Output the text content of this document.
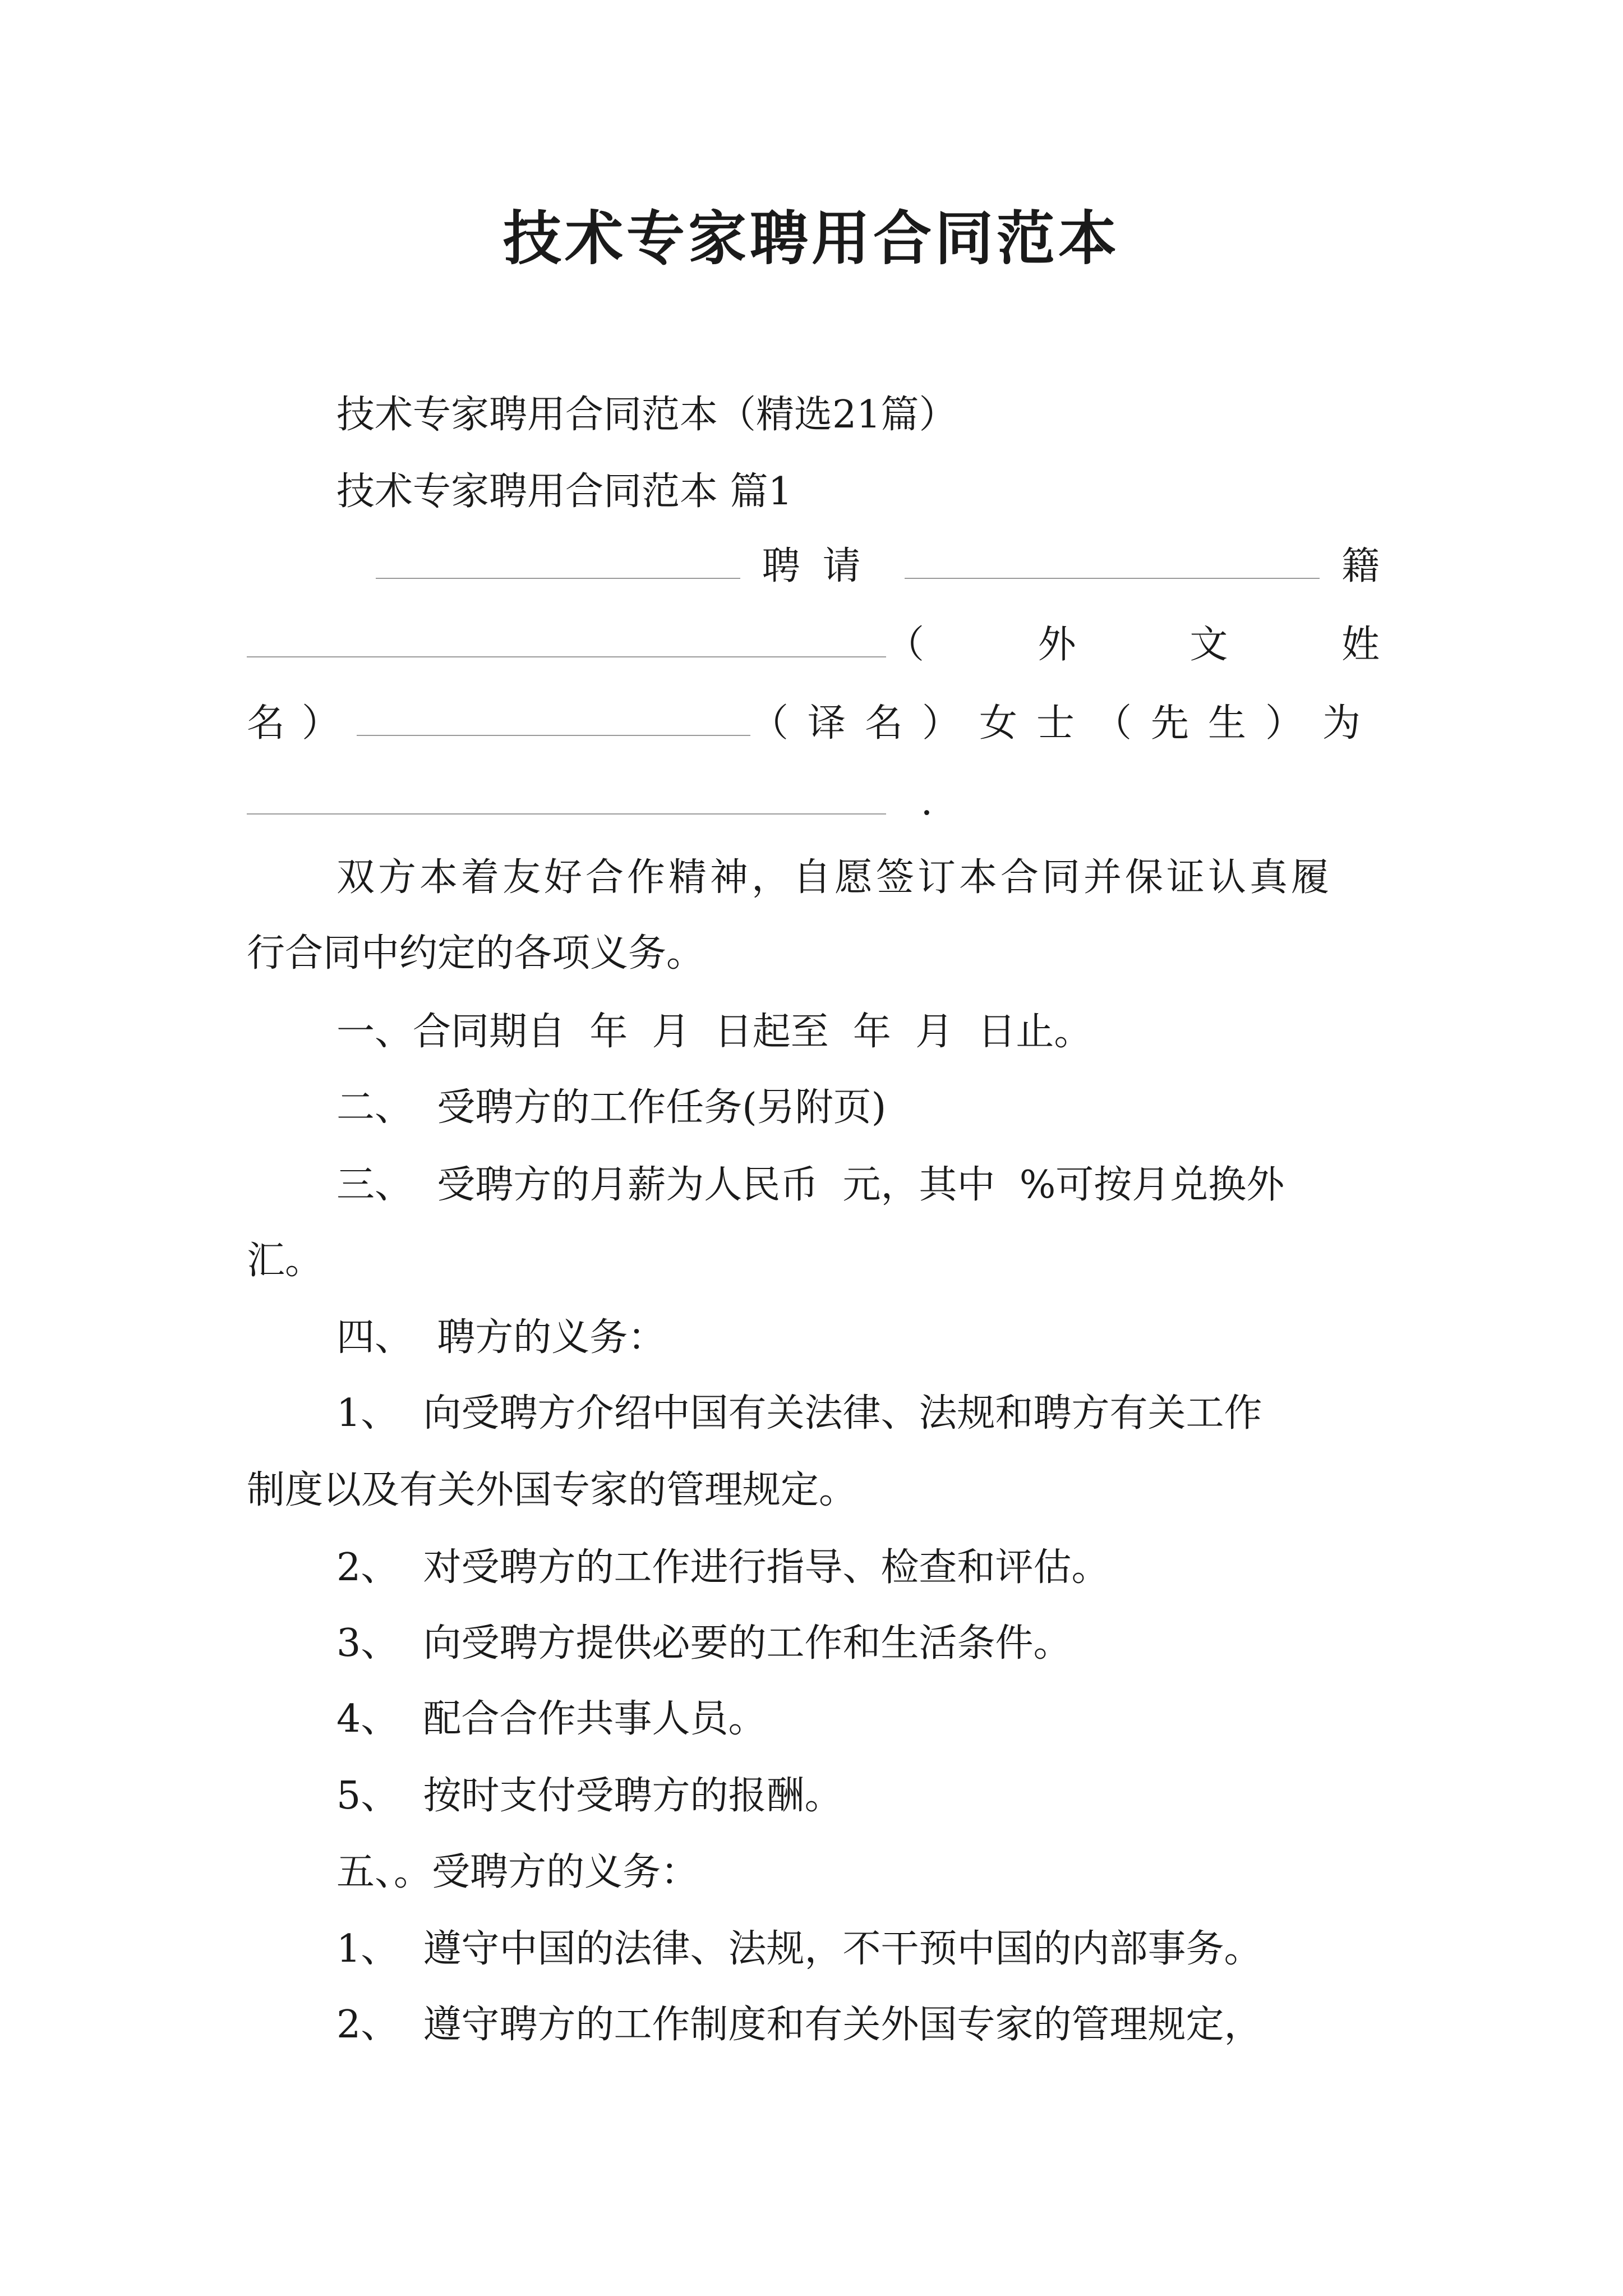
技术专家聘用合同范本
技术专家聘用合同范本（精选21篇）
技术专家聘用合同范本 篇1
聘请	籍
（	外	文	姓
名）	（译名）女士（先生）为
.
双方本着友好合作精神，自愿签订本合同并保证认真履
行合同中约定的各项义务。
一、合同期自  年  月  日起至  年  月  日止。
二、  受聘方的工作任务(另附页)
三、  受聘方的月薪为人民币  元，其中  %可按月兑换外
汇。
四、  聘方的义务：
1、  向受聘方介绍中国有关法律、法规和聘方有关工作
制度以及有关外国专家的管理规定。
2、  对受聘方的工作进行指导、检查和评估。
3、  向受聘方提供必要的工作和生活条件。
4、  配合合作共事人员。
5、  按时支付受聘方的报酬。
五、。受聘方的义务：
1、  遵守中国的法律、法规，不干预中国的内部事务。
2、  遵守聘方的工作制度和有关外国专家的管理规定，
